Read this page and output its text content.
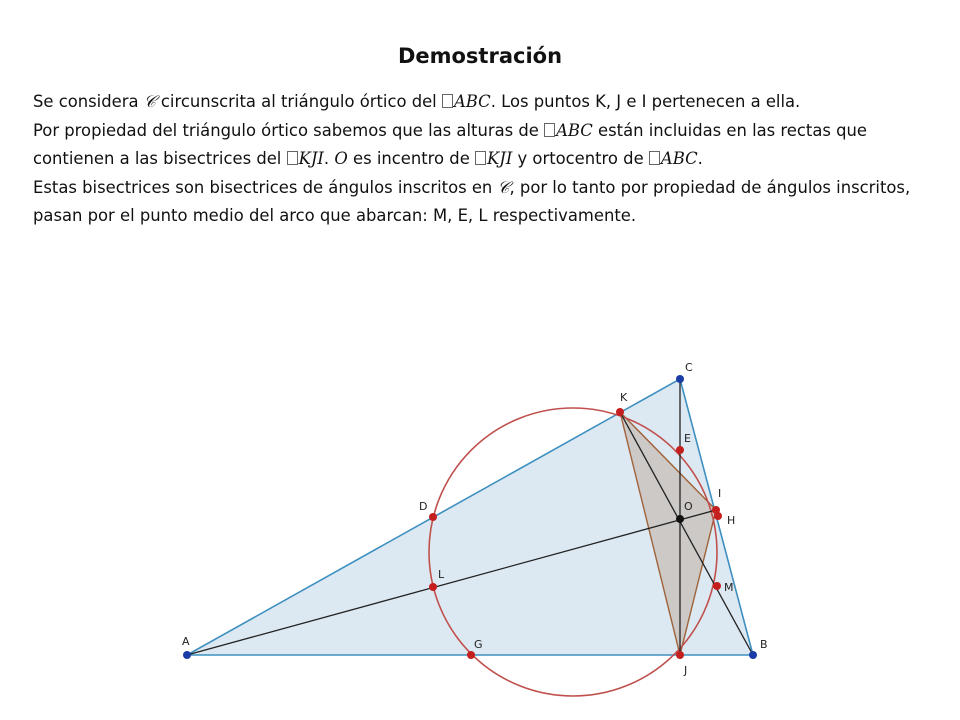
Demostración

Se considera 𝒞 circunscrita al triángulo órtico del ABC. Los puntos K, J e I pertenecen a ella.

Por propiedad del triángulo órtico sabemos que las alturas de ABC están incluidas en las rectas que contienen a las bisectrices del KJI. O es incentro de KJI y ortocentro de ABC.

Estas bisectrices son bisectrices de ángulos inscritos en 𝒞, por lo tanto por propiedad de ángulos inscritos, pasan por el punto medio del arco que abarcan: M, E, L respectivamente.

A	B
C
K
E
I
H
O
D
L
M
G
J
